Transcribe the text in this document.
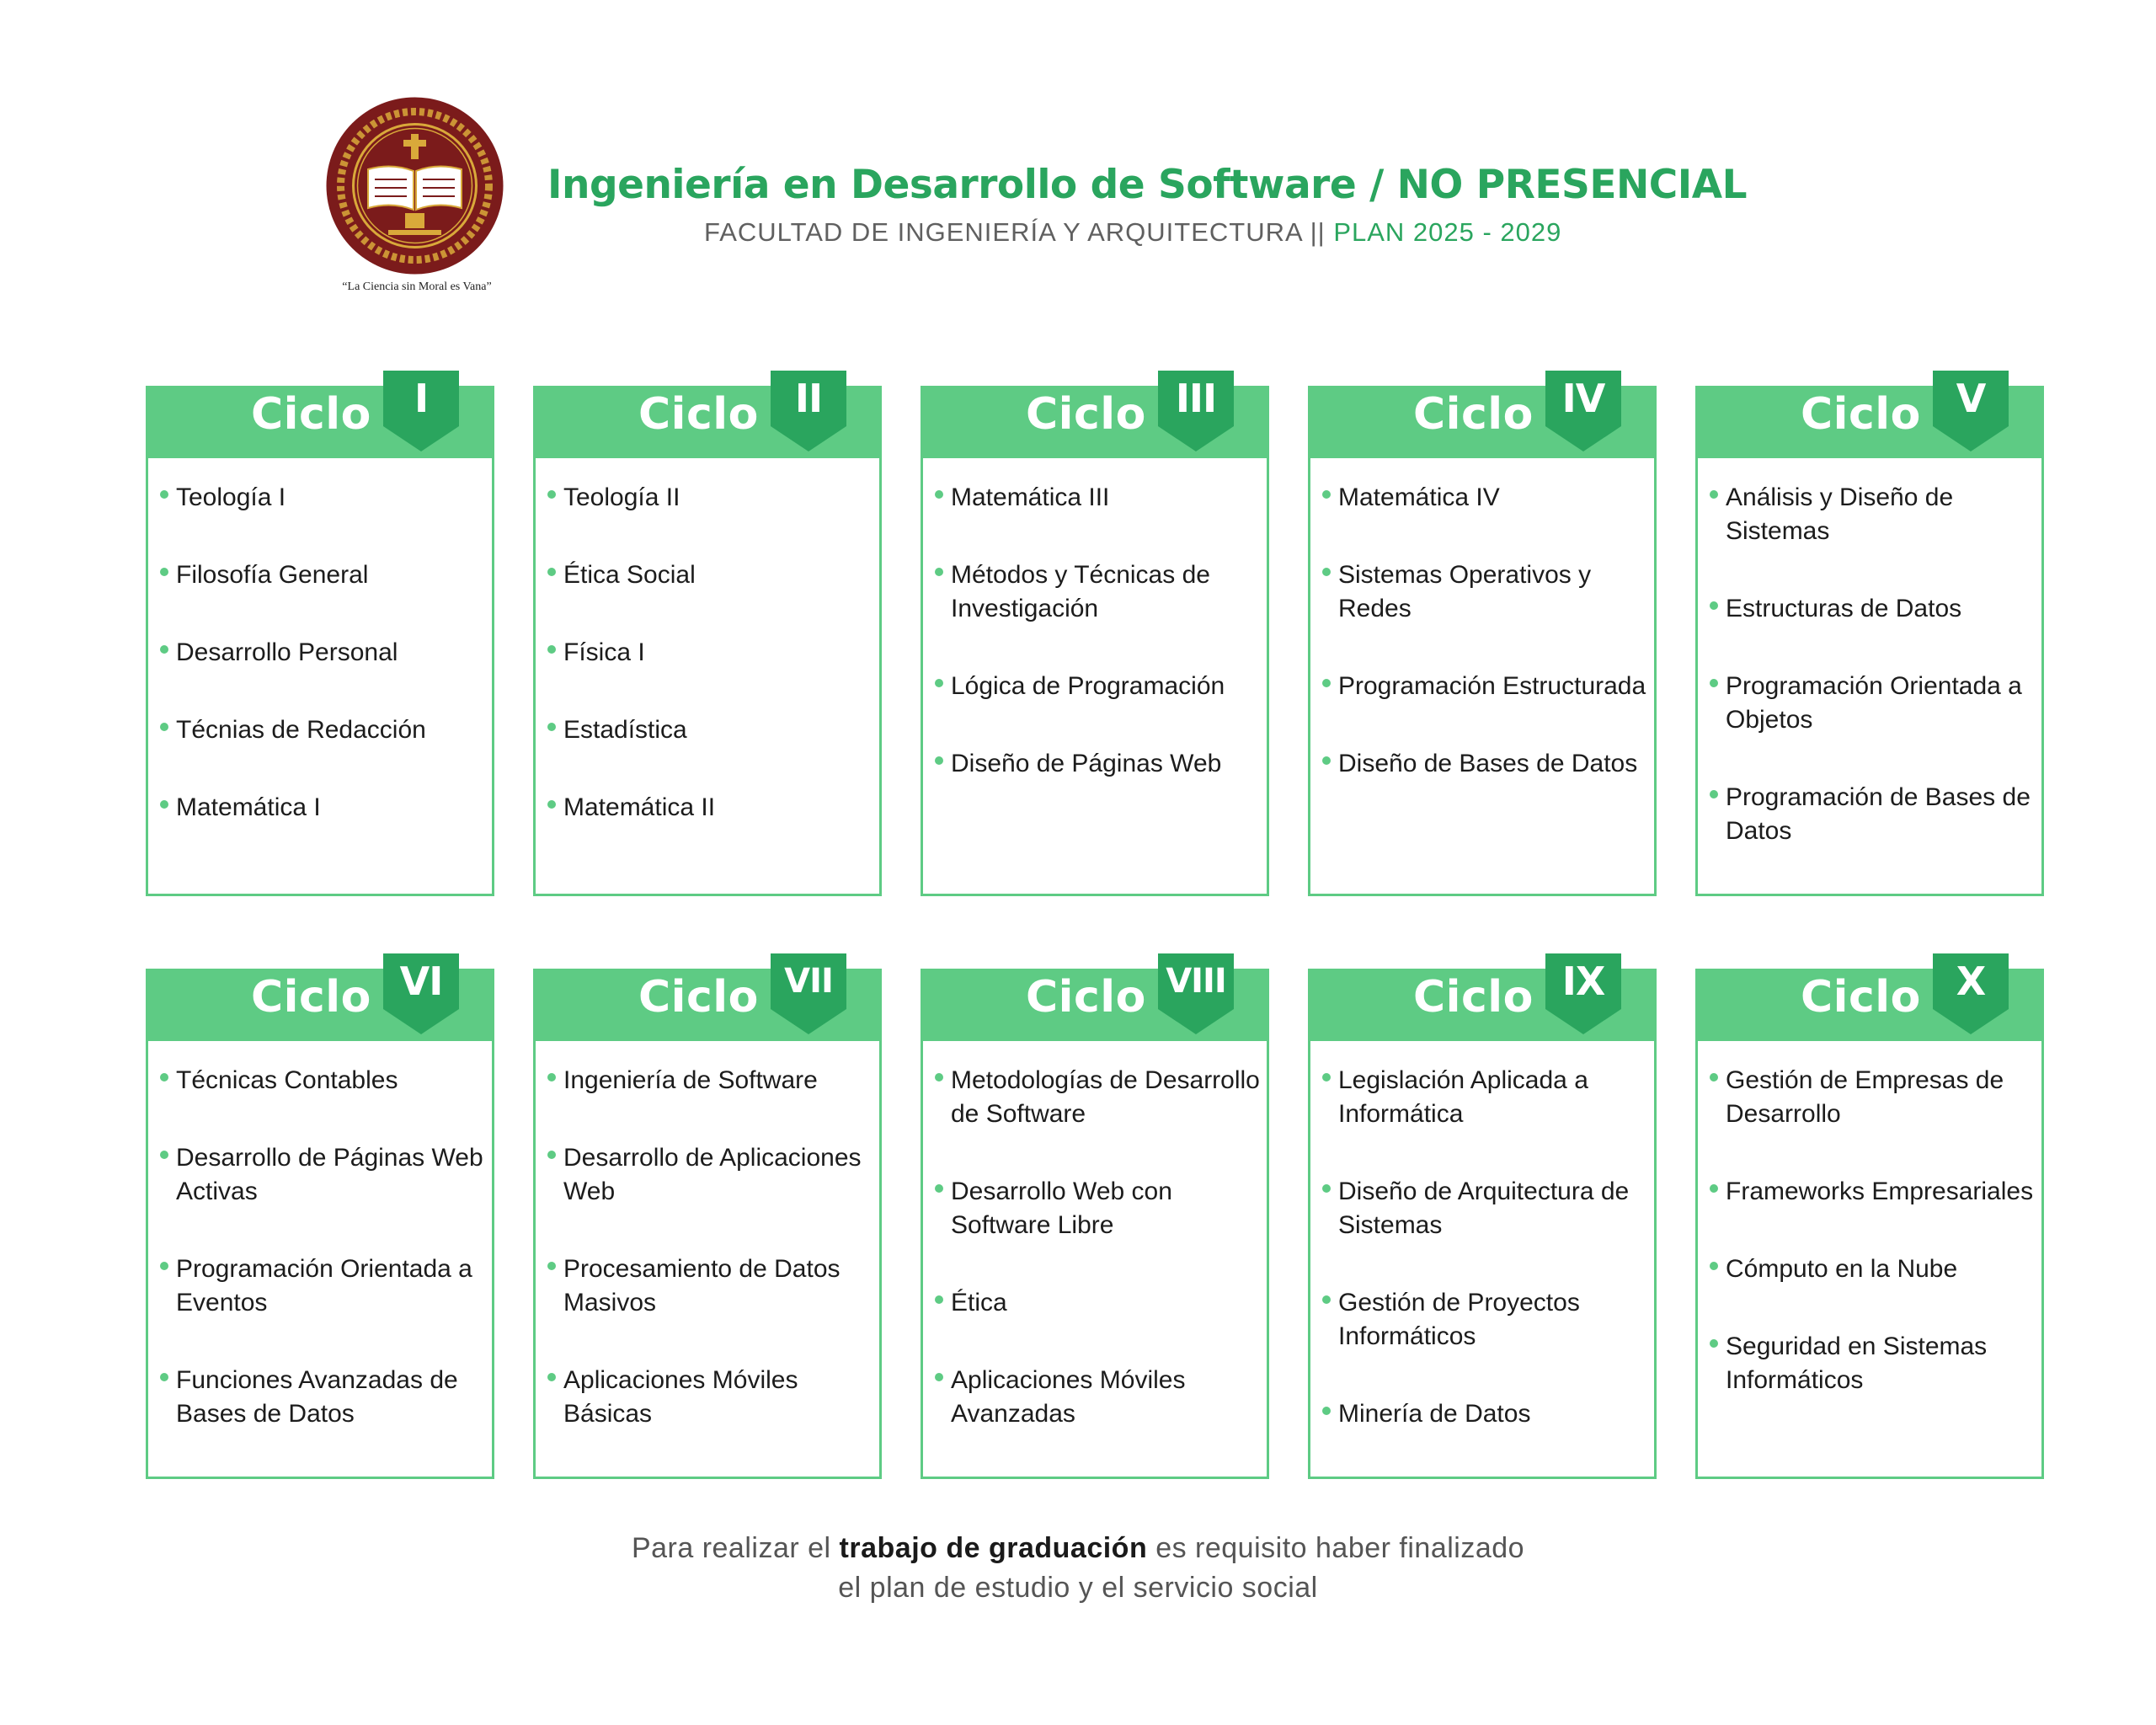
“La Ciencia sin Moral es Vana”
Ingeniería en Desarrollo de Software / NO PRESENCIAL
FACULTAD DE INGENIERÍA Y ARQUITECTURA || PLAN 2025 - 2029
Ciclo	I
Teología I
Filosofía General
Desarrollo Personal
Técnias de Redacción
Matemática I
Ciclo II
Teología II
Ética Social
Física I
Estadística
Matemática II
Ciclo III
Matemática III
Métodos y Técnicas de Investigación
Lógica de Programación
Diseño de Páginas Web
Ciclo IV
Matemática IV
Sistemas Operativos y Redes
Programación Estructurada
Diseño de Bases de Datos
Ciclo V
Análisis y Diseño de Sistemas
Estructuras de Datos
Programación Orientada a Objetos
Programación de Bases de Datos
Ciclo VI
Técnicas Contables
Desarrollo de Páginas Web Activas
Programación Orientada a Eventos
Funciones Avanzadas de Bases de Datos
Ciclo VII
Ingeniería de Software
Desarrollo de Aplicaciones Web
Procesamiento de Datos Masivos
Aplicaciones Móviles Básicas
Ciclo VIII
Metodologías de Desarrollo de Software
Desarrollo Web con Software Libre
Ética
Aplicaciones Móviles Avanzadas
Ciclo IX
Legislación Aplicada a Informática
Diseño de Arquitectura de Sistemas
Gestión de Proyectos Informáticos
Minería de Datos
Ciclo X
Gestión de Empresas de Desarrollo
Frameworks Empresariales
Cómputo en la Nube
Seguridad en Sistemas Informáticos
Para realizar el trabajo de graduación es requisito haber finalizado
el plan de estudio y el servicio social
